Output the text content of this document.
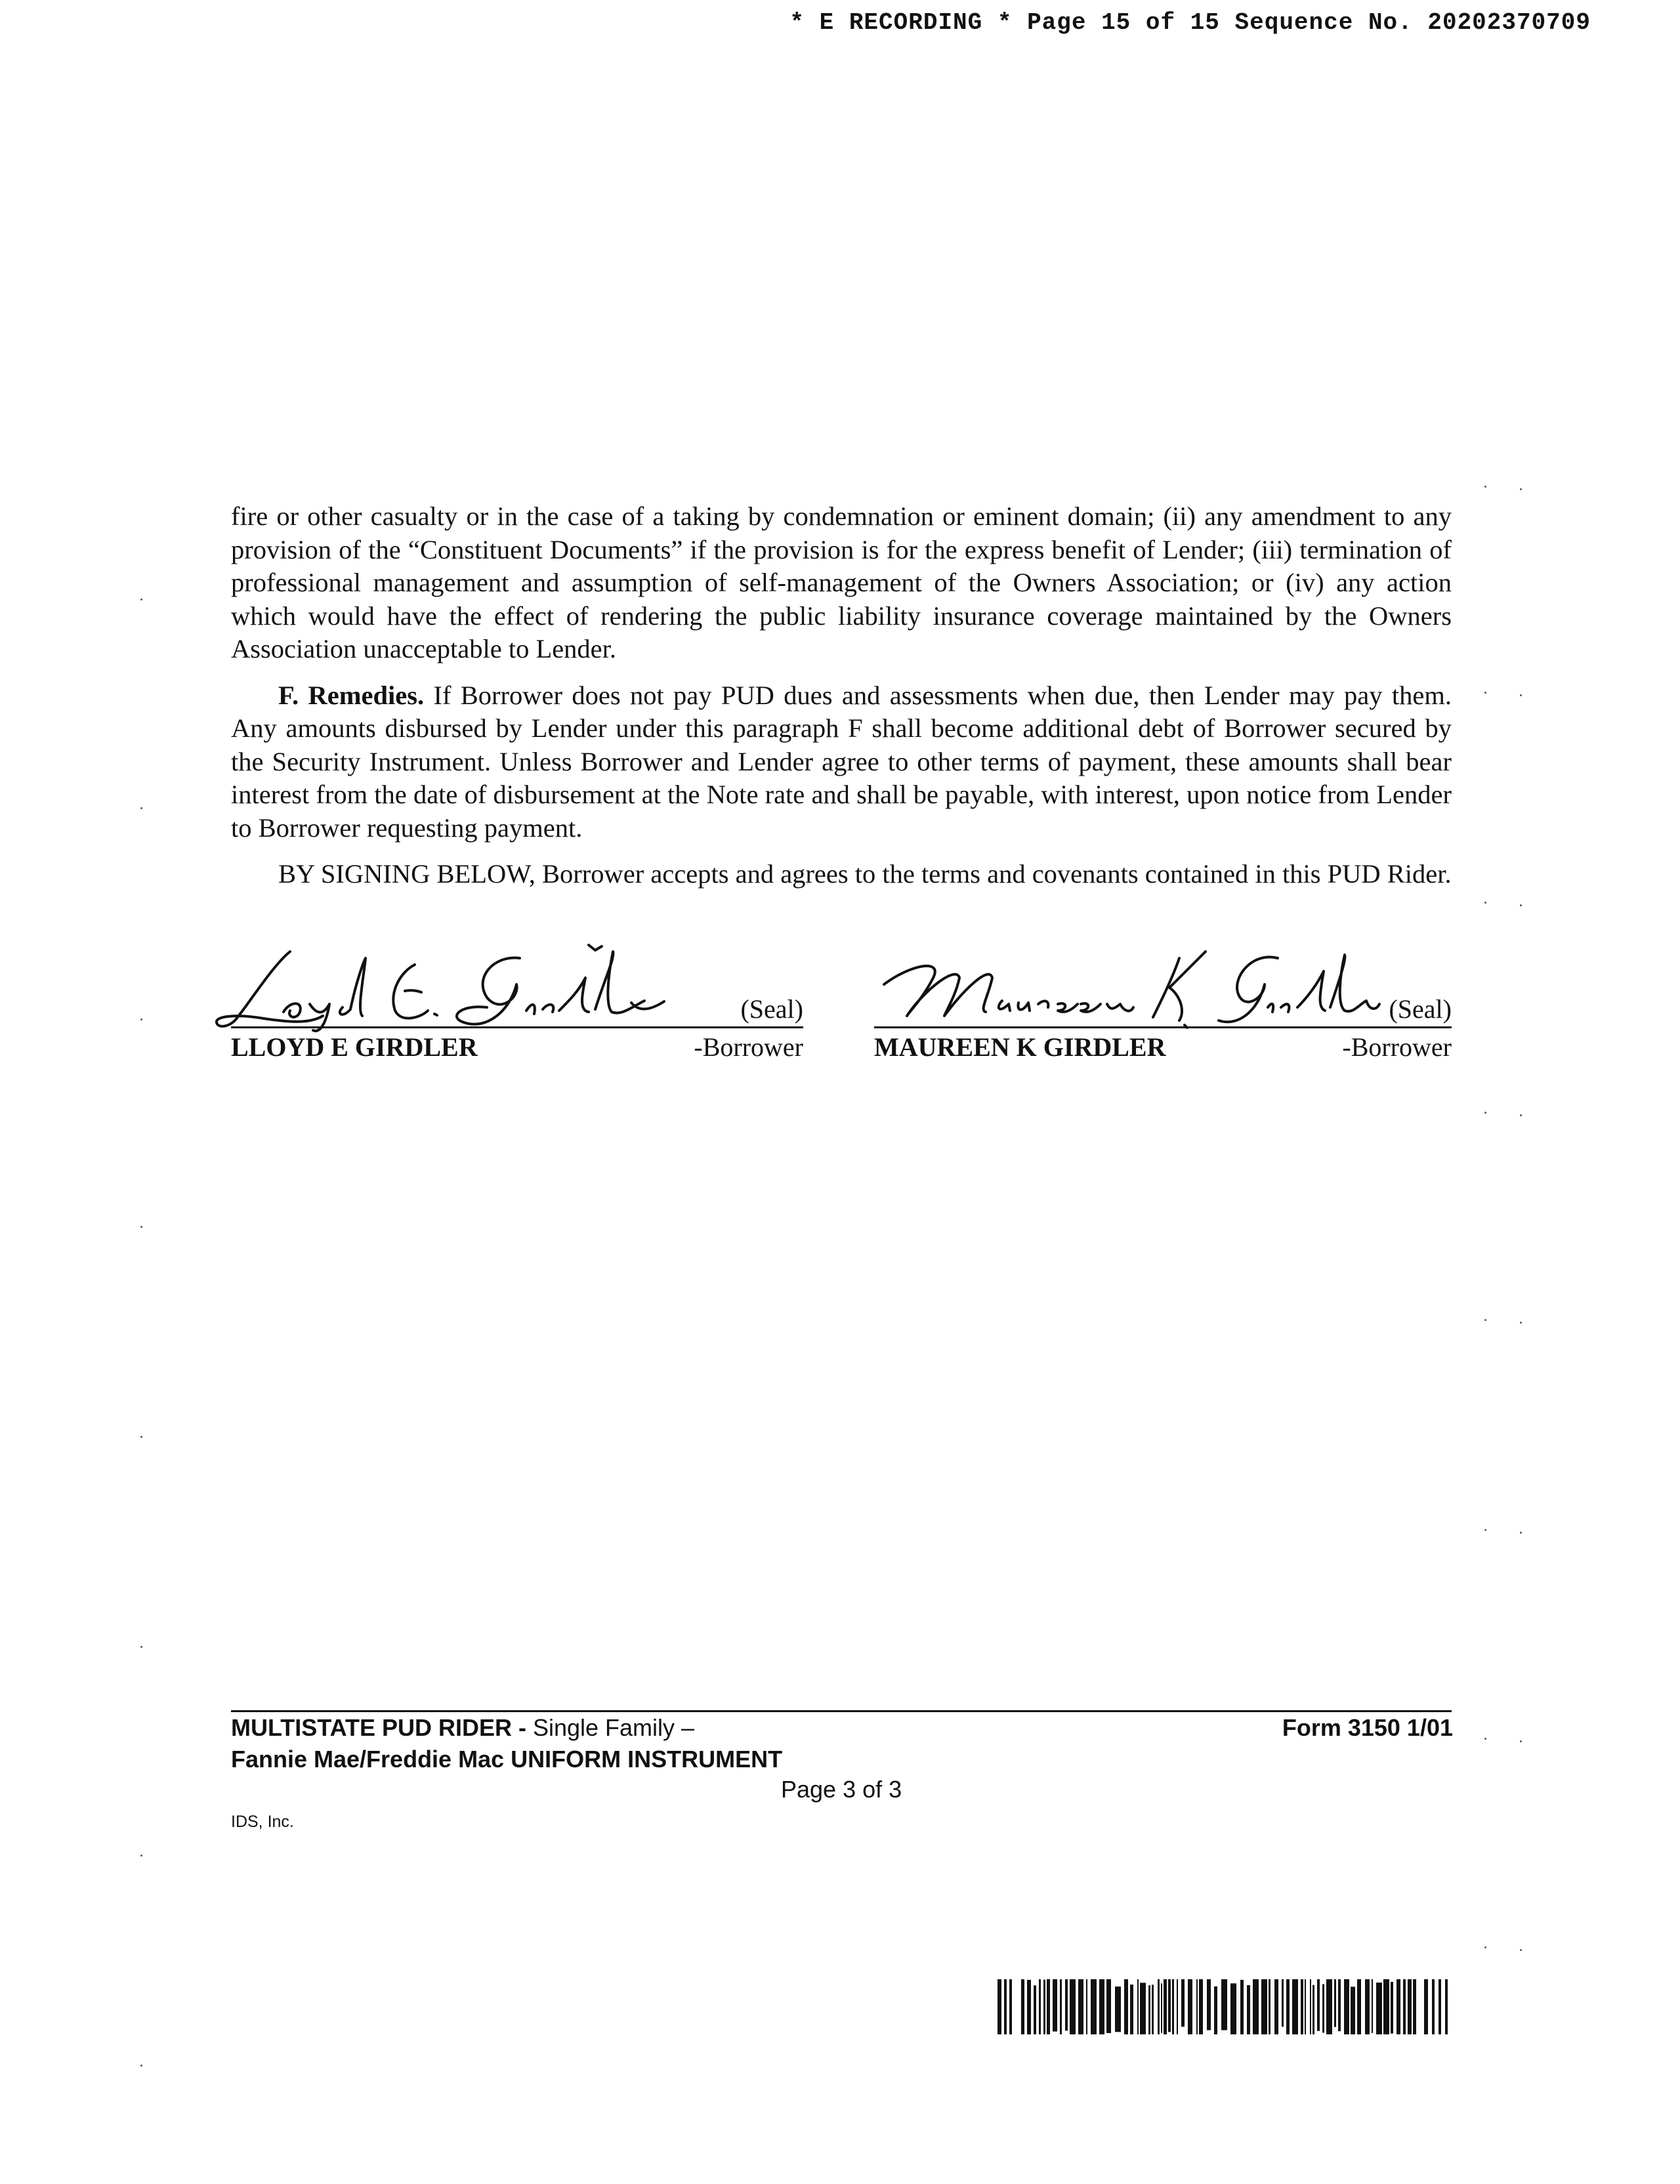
* E RECORDING * Page 15 of 15 Sequence No. 20202370709

fire or other casualty or in the case of a taking by condemnation or eminent domain; (ii) any amendment to any provision of the “Constituent Documents” if the provision is for the express benefit of Lender; (iii) termination of professional management and assumption of self-management of the Owners Association; or (iv) any action which would have the effect of rendering the public liability insurance coverage maintained by the Owners Association unacceptable to Lender.

F. Remedies. If Borrower does not pay PUD dues and assessments when due, then Lender may pay them. Any amounts disbursed by Lender under this paragraph F shall become additional debt of Borrower secured by the Security Instrument. Unless Borrower and Lender agree to other terms of payment, these amounts shall bear interest from the date of disbursement at the Note rate and shall be payable, with interest, upon notice from Lender to Borrower requesting payment.

BY SIGNING BELOW, Borrower accepts and agrees to the terms and covenants contained in this PUD Rider.

(Seal)
LLOYD E GIRDLER	-Borrower
(Seal)
MAUREEN K GIRDLER	-Borrower
MULTISTATE PUD RIDER - Single Family –	Form 3150 1/01
Fannie Mae/Freddie Mac UNIFORM INSTRUMENT
Page 3 of 3
IDS, Inc.
